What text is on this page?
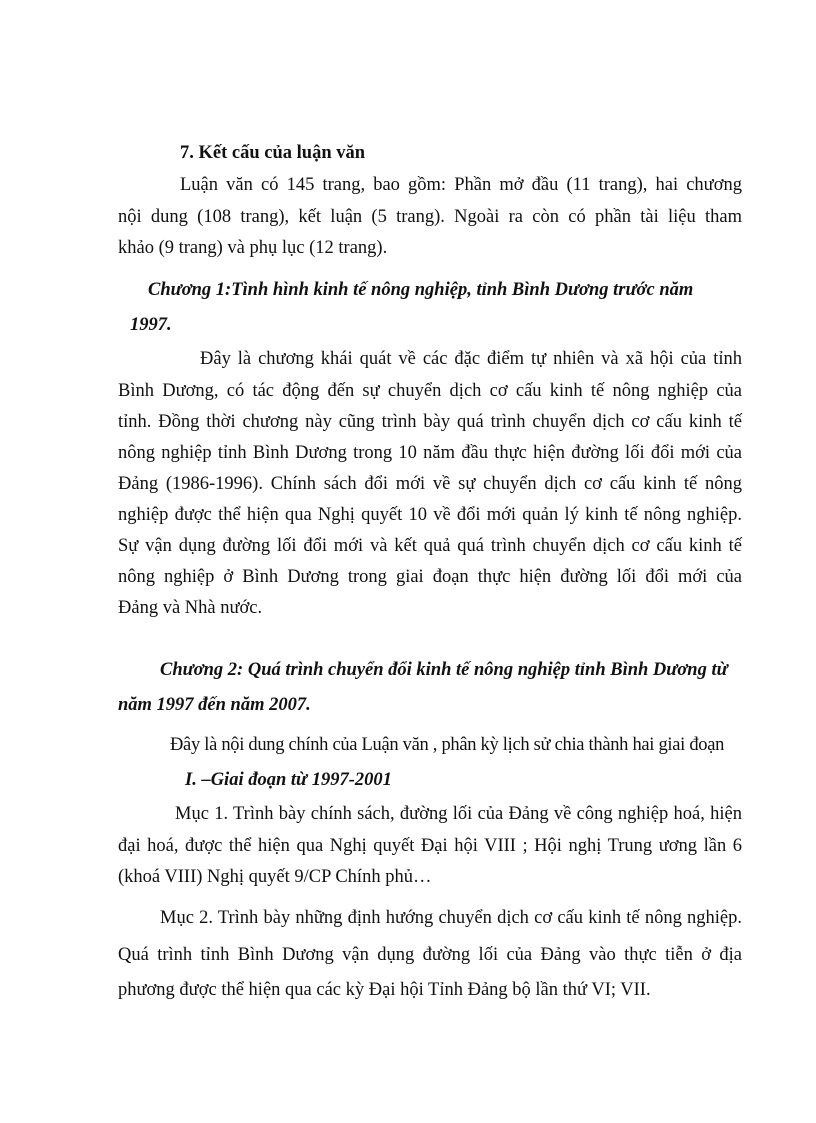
7. Kết cấu của luận văn
Luận văn có 145 trang, bao gồm: Phần mở đầu (11 trang), hai chương
nội dung (108 trang), kết luận (5 trang). Ngoài ra còn có phần tài liệu tham
khảo (9 trang) và phụ lục (12 trang).
Chương 1:Tình hình kinh tế nông nghiệp, tỉnh Bình Dương trước năm
1997.
Đây là chương khái quát về các đặc điểm tự nhiên và xã hội của tỉnh
Bình Dương, có tác động đến sự chuyển dịch cơ cấu kinh tế nông nghiệp của
tỉnh. Đồng thời chương này cũng trình bày quá trình chuyển dịch cơ cấu kinh tế
nông nghiệp tỉnh Bình Dương trong 10 năm đầu thực hiện đường lối đổi mới của
Đảng (1986-1996). Chính sách đổi mới về sự chuyển dịch cơ cấu kinh tế nông
nghiệp được thể hiện qua Nghị quyết 10 về đổi mới quản lý kinh tế nông nghiệp.
Sự vận dụng đường lối đổi mới và kết quả quá trình chuyển dịch cơ cấu kinh tế
nông nghiệp ở Bình Dương trong giai đoạn thực hiện đường lối đổi mới của
Đảng và Nhà nước.
Chương 2: Quá trình chuyển đổi kinh tế nông nghiệp tỉnh Bình Dương từ
năm 1997 đến năm 2007.
Đây là nội dung chính của Luận văn , phân kỳ lịch sử chia thành hai giai đoạn
I. –Giai đoạn từ 1997-2001
Mục 1. Trình bày chính sách, đường lối của Đảng về công nghiệp hoá, hiện
đại hoá, được thể hiện qua Nghị quyết Đại hội VIII ; Hội nghị Trung ương lần 6
(khoá VIII) Nghị quyết 9/CP Chính phủ…
Mục 2. Trình bày những định hướng chuyển dịch cơ cấu kinh tế nông nghiệp.
Quá trình tỉnh Bình Dương vận dụng đường lối của Đảng vào thực tiễn ở địa
phương được thể hiện qua các kỳ Đại hội Tỉnh Đảng bộ lần thứ VI; VII.
